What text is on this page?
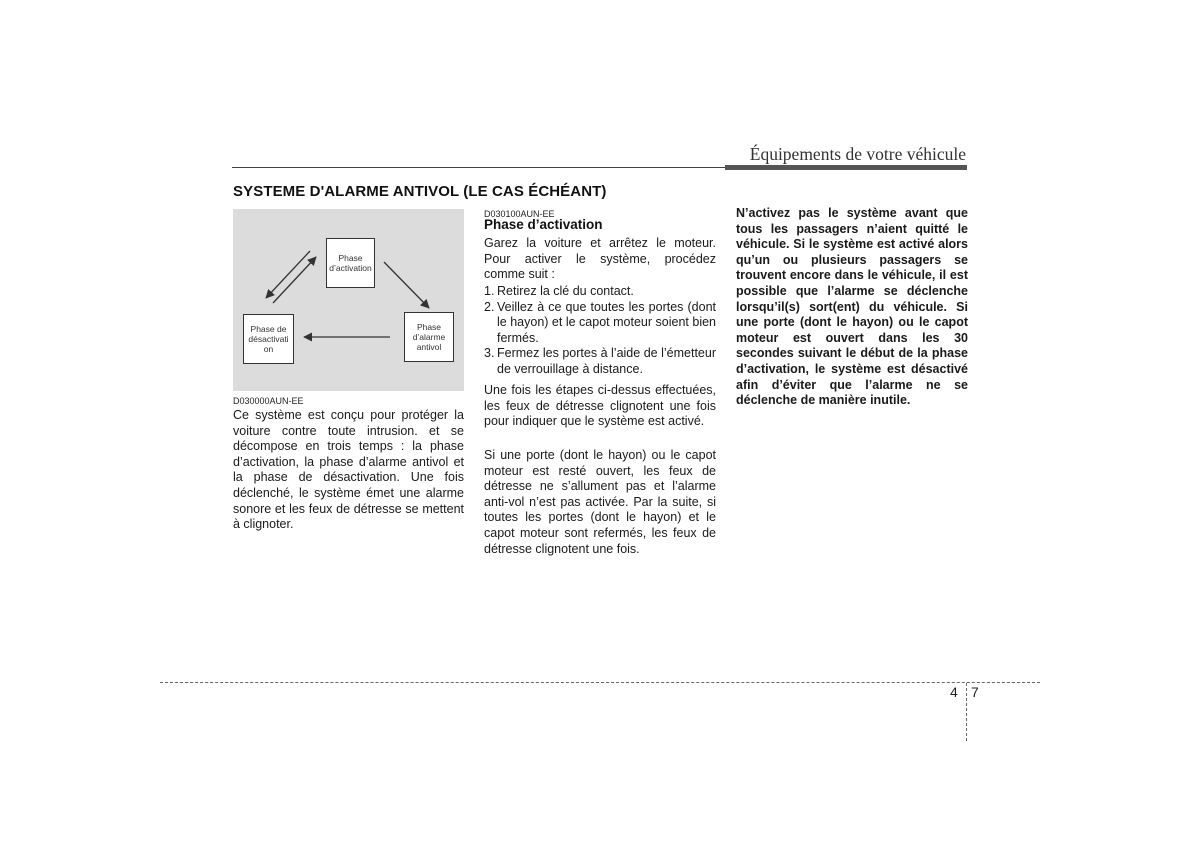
Équipements de votre véhicule
SYSTEME D'ALARME ANTIVOL (LE CAS ÉCHÉANT)
Phase
d’activation
Phase
d’alarme
antivol
Phase de
désactivati
on
D030000AUN-EE
Ce système est conçu pour protéger la voiture contre toute intrusion. et se décompose en trois temps : la phase d’activation, la phase d’alarme antivol et la phase de désactivation. Une fois déclenché, le système émet une alarme sonore et les feux de détresse se mettent à clignoter.
D030100AUN-EE
Phase d’activation
Garez la voiture et arrêtez le moteur. Pour activer le système, procédez comme suit :
1. Retirez la clé du contact.
2. Veillez à ce que toutes les portes (dont le hayon) et le capot moteur soient bien fermés.
3. Fermez les portes à l’aide de l’émetteur de verrouillage à distance.
Une fois les étapes ci-dessus effectuées, les feux de détresse clignotent une fois pour indiquer que le système est activé.
Si une porte (dont le hayon) ou le capot moteur est resté ouvert, les feux de détresse ne s’allument pas et l’alarme anti-vol n’est pas activée. Par la suite, si toutes les portes (dont le hayon) et le capot moteur sont refermés, les feux de détresse clignotent une fois.
N’activez pas le système avant que tous les passagers n’aient quitté le véhicule. Si le système est activé alors qu’un ou plusieurs passagers se trouvent encore dans le véhicule, il est possible que l’alarme se déclenche lorsqu’il(s) sort(ent) du véhicule. Si une porte (dont le hayon) ou le capot moteur est ouvert dans les 30 secondes suivant le début de la phase d’activation, le système est désactivé afin d’éviter que l’alarme ne se déclenche de manière inutile.
4 7
